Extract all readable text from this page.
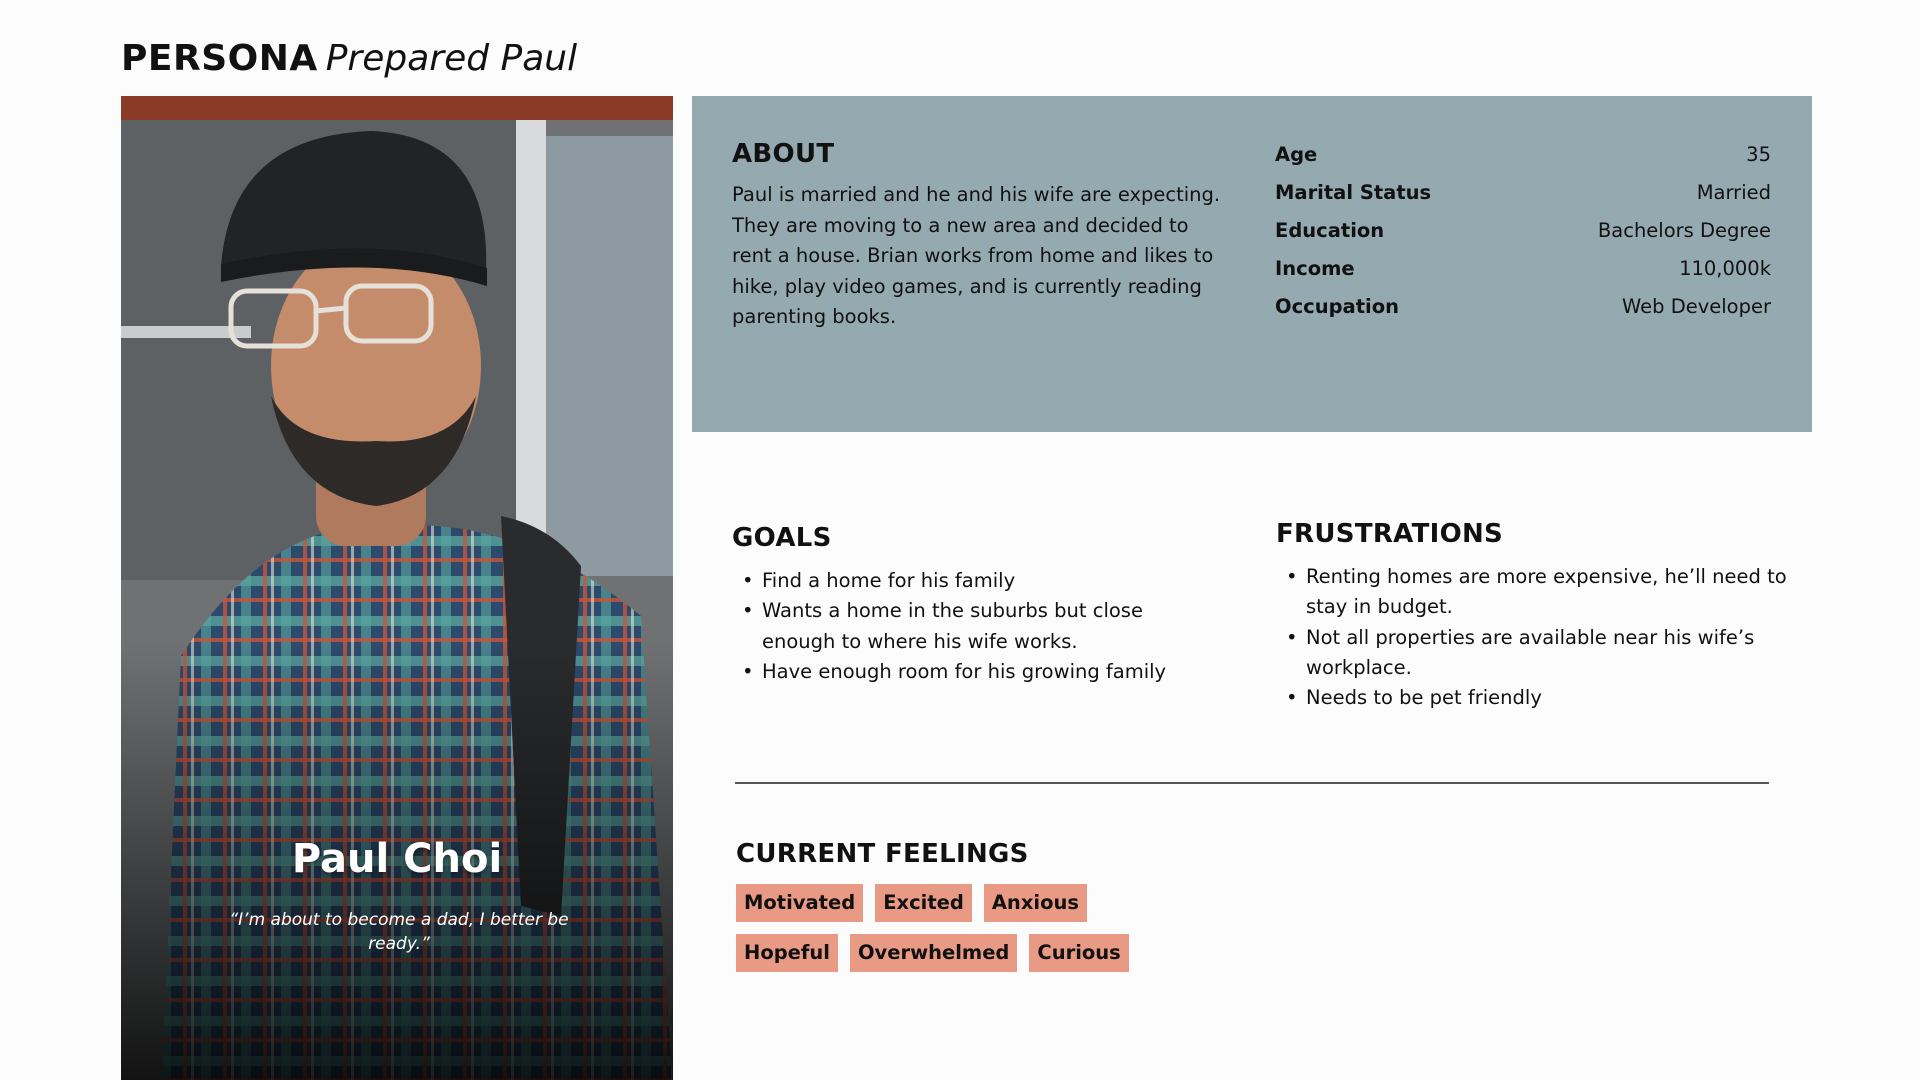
PERSONA Prepared Paul
Paul Choi
“I’m about to become a dad, I better be ready.”
ABOUT
Paul is married and he and his wife are expecting. They are moving to a new area and decided to rent a house. Brian works from home and likes to hike, play video games, and is currently reading parenting books.
Age	35
Marital Status	Married
Education	Bachelors Degree
Income	110,000k
Occupation	Web Developer
GOALS
• Find a home for his family
• Wants a home in the suburbs but close enough to where his wife works.
• Have enough room for his growing family
FRUSTRATIONS
• Renting homes are more expensive, he’ll need to stay in budget.
• Not all properties are available near his wife’s workplace.
• Needs to be pet friendly
CURRENT FEELINGS
Motivated	Excited	Anxious
Hopeful	Overwhelmed	Curious
